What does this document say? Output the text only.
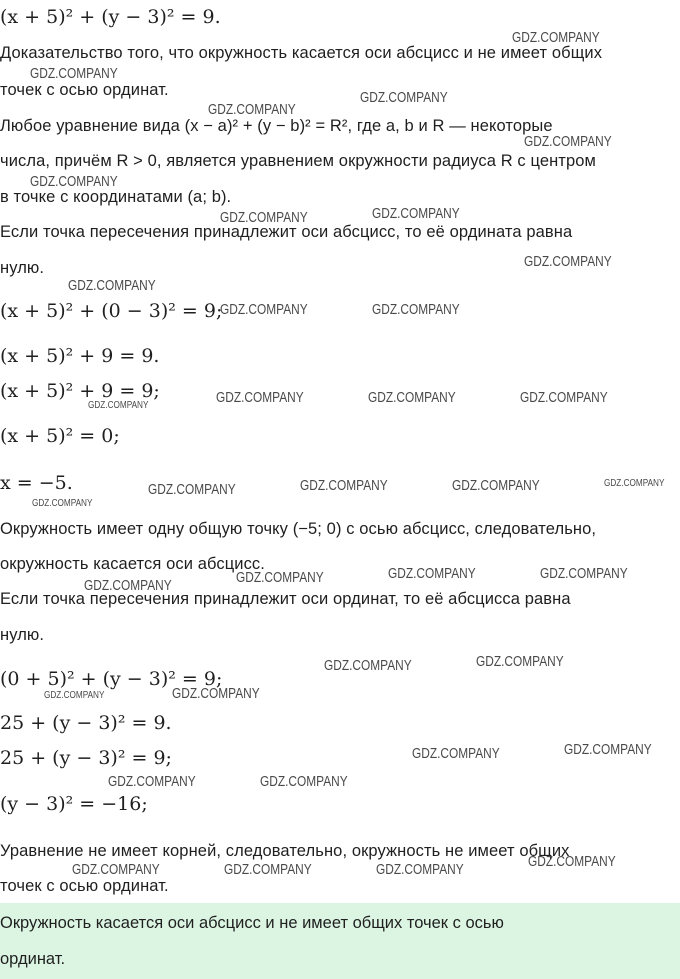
(x + 5)² + (y − 3)² = 9.
Доказательство того, что окружность касается оси абсцисс и не имеет общих
точек с осью ординат.
Любое уравнение вида (x − a)² + (y − b)² = R², где a, b и R — некоторые
числа, причём R > 0, является уравнением окружности радиуса R с центром
в точке с координатами (a; b).
Если точка пересечения принадлежит оси абсцисс, то её ордината равна
нулю.
(x + 5)² + (0 − 3)² = 9;
(x + 5)² + 9 = 9.
(x + 5)² + 9 = 9;
(x + 5)² = 0;
x = −5.
Окружность имеет одну общую точку (−5; 0) с осью абсцисс, следовательно,
окружность касается оси абсцисс.
Если точка пересечения принадлежит оси ординат, то её абсцисса равна
нулю.
(0 + 5)² + (y − 3)² = 9;
25 + (y − 3)² = 9.
25 + (y − 3)² = 9;
(y − 3)² = −16;
Уравнение не имеет корней, следовательно, окружность не имеет общих
точек с осью ординат.
Окружность касается оси абсцисс и не имеет общих точек с осью
ординат.
GDZ.COMPANY
GDZ.COMPANY
GDZ.COMPANY
GDZ.COMPANY
GDZ.COMPANY
GDZ.COMPANY
GDZ.COMPANY	GDZ.COMPANY
GDZ.COMPANY
GDZ.COMPANY
GDZ.COMPANY	GDZ.COMPANY
GDZ.COMPANY	GDZ.COMPANY	GDZ.COMPANY	GDZ.COMPANY
GDZ.COMPANY
GDZ.COMPANY	GDZ.COMPANY	GDZ.COMPANY	GDZ.COMPANY
GDZ.COMPANY	GDZ.COMPANY	GDZ.COMPANY	GDZ.COMPANY
GDZ.COMPANY	GDZ.COMPANY
GDZ.COMPANY	GDZ.COMPANY
GDZ.COMPANY	GDZ.COMPANY
GDZ.COMPANY	GDZ.COMPANY
GDZ.COMPANY	GDZ.COMPANY	GDZ.COMPANY	GDZ.COMPANY
